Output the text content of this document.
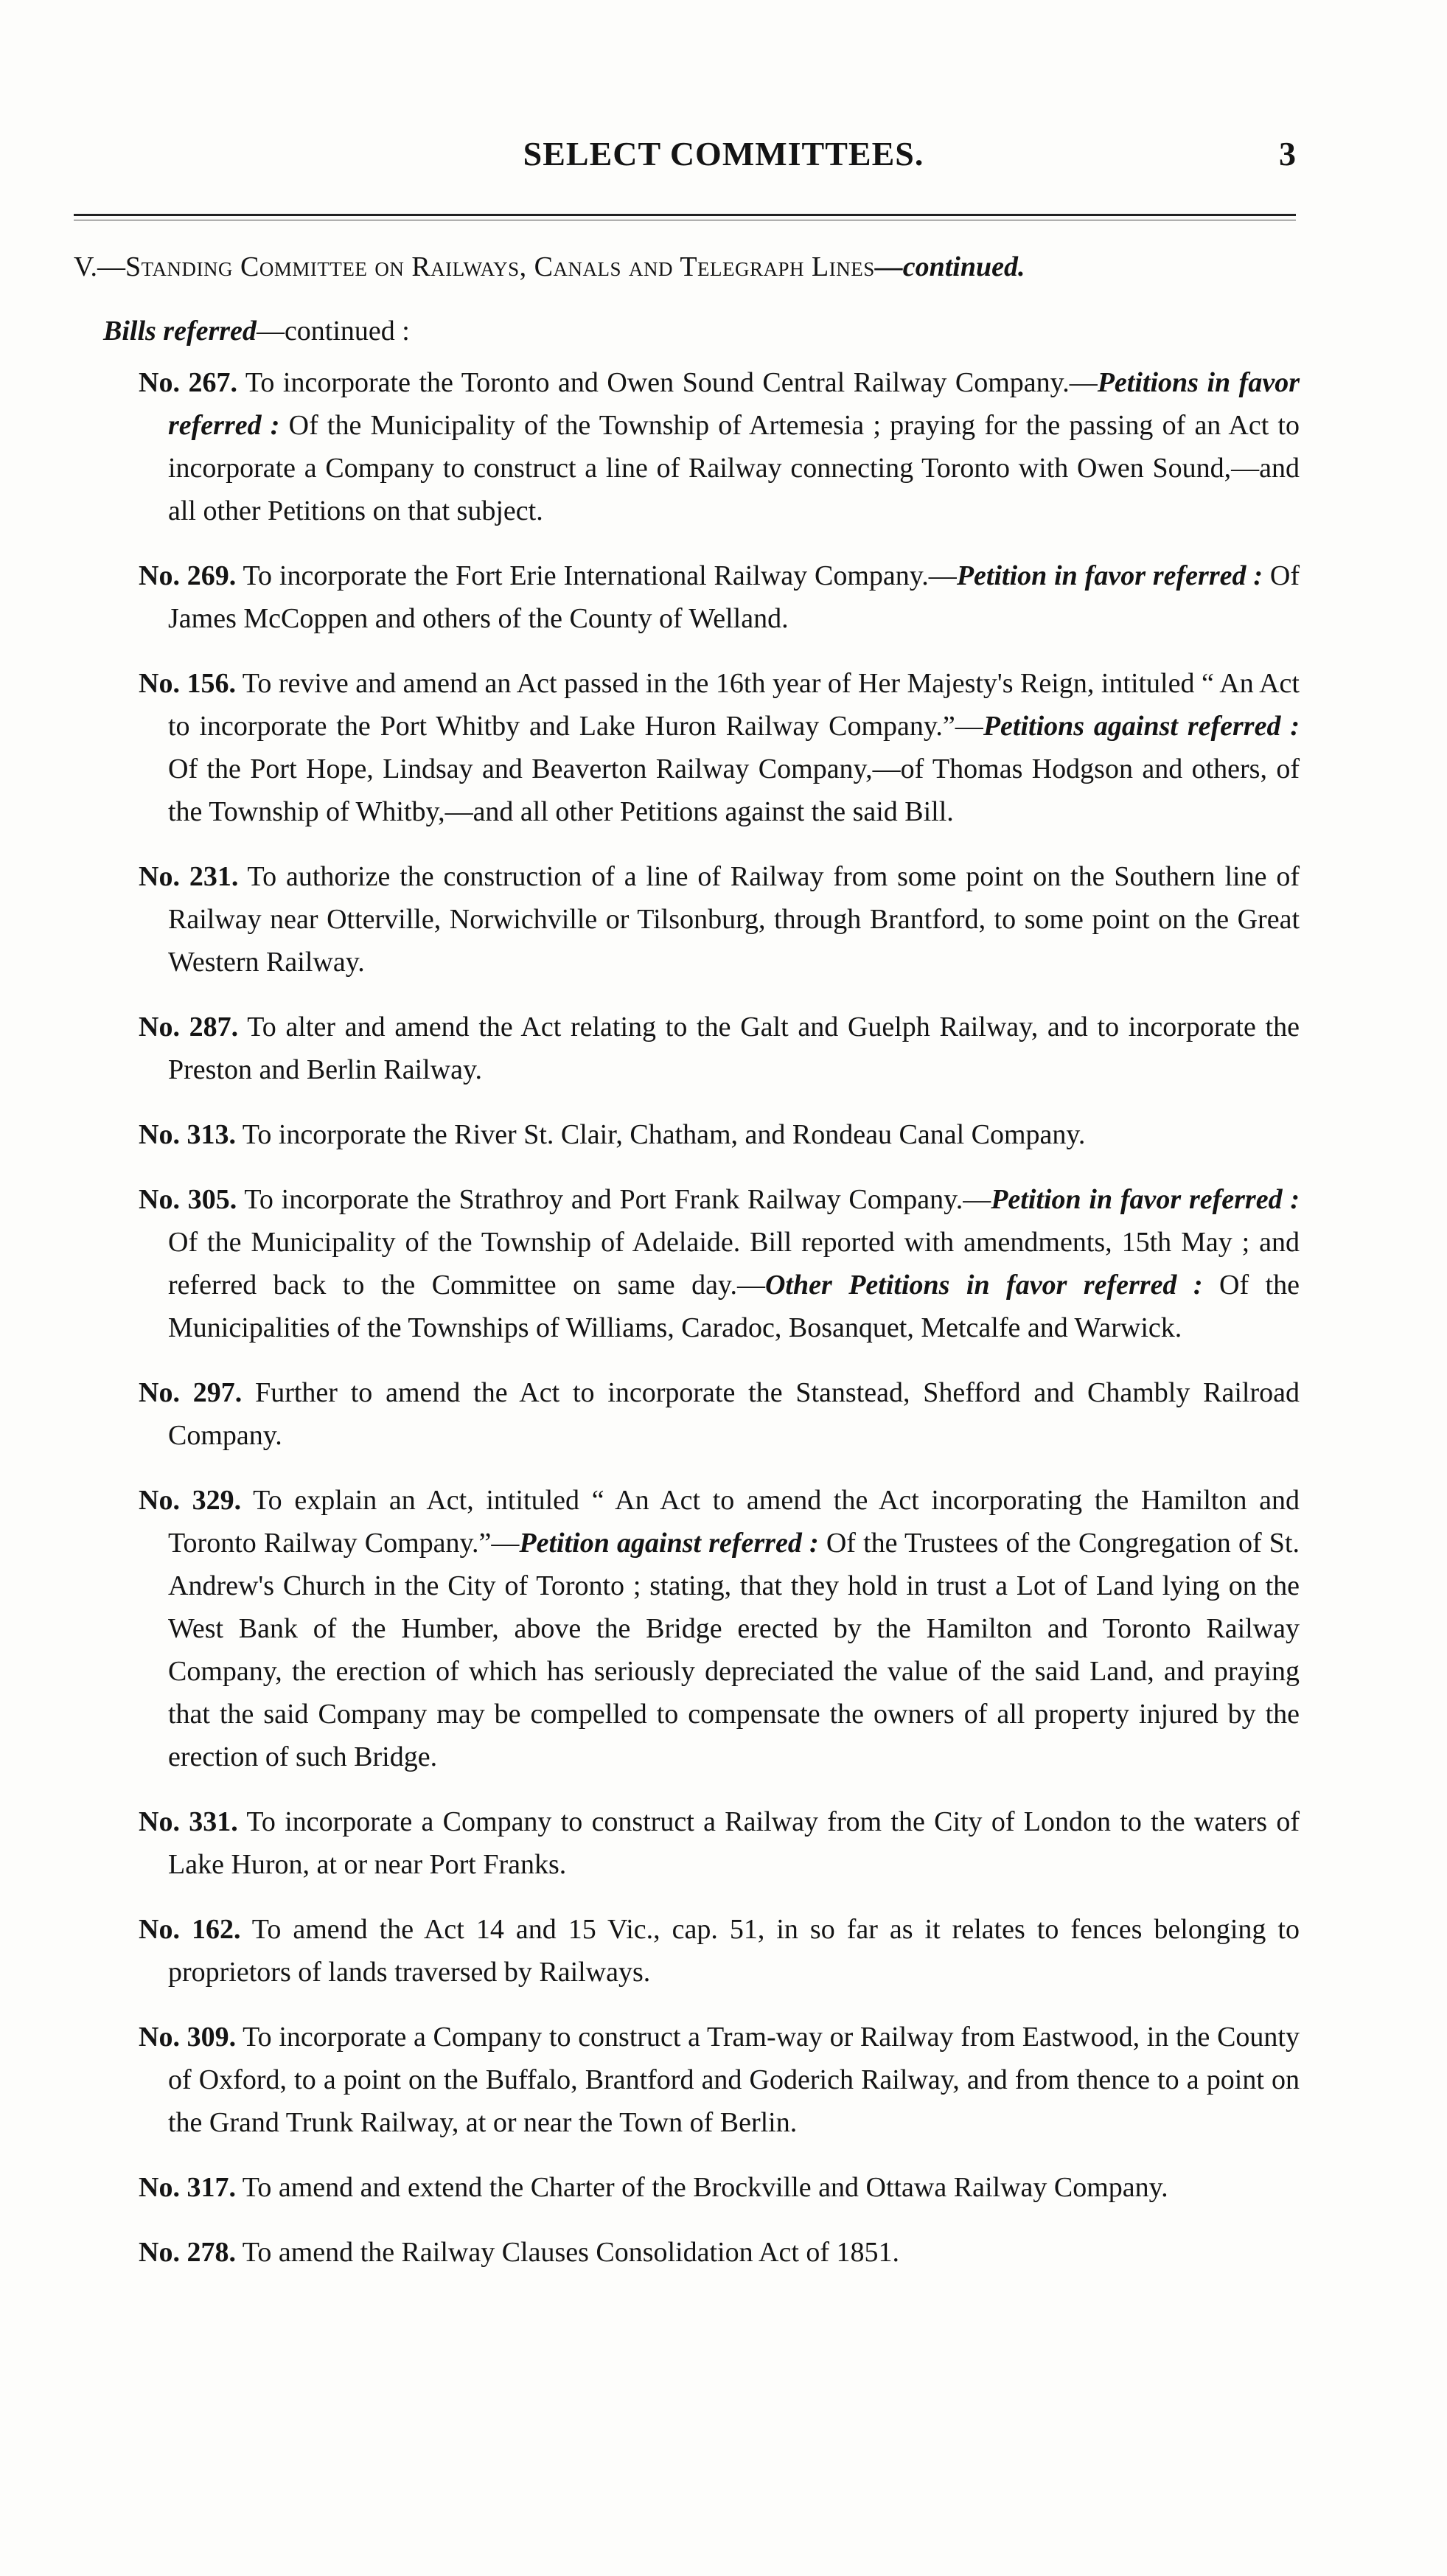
SELECT COMMITTEES.	3
V.—Standing Committee on Railways, Canals and Telegraph Lines—continued.
Bills referred—continued :
No. 267. To incorporate the Toronto and Owen Sound Central Railway Company.—Petitions in favor referred : Of the Municipality of the Township of Artemesia ; praying for the passing of an Act to incorporate a Company to construct a line of Railway connecting Toronto with Owen Sound,—and all other Petitions on that subject.
No. 269. To incorporate the Fort Erie International Railway Company.—Petition in favor referred : Of James McCoppen and others of the County of Welland.
No. 156. To revive and amend an Act passed in the 16th year of Her Majesty's Reign, intituled “ An Act to incorporate the Port Whitby and Lake Huron Railway Company.”—Petitions against referred : Of the Port Hope, Lindsay and Beaverton Railway Company,—of Thomas Hodgson and others, of the Township of Whitby,—and all other Petitions against the said Bill.
No. 231. To authorize the construction of a line of Railway from some point on the Southern line of Railway near Otterville, Norwichville or Tilsonburg, through Brantford, to some point on the Great Western Railway.
No. 287. To alter and amend the Act relating to the Galt and Guelph Railway, and to incorporate the Preston and Berlin Railway.
No. 313. To incorporate the River St. Clair, Chatham, and Rondeau Canal Company.
No. 305. To incorporate the Strathroy and Port Frank Railway Company.—Petition in favor referred : Of the Municipality of the Township of Adelaide. Bill reported with amendments, 15th May ; and referred back to the Committee on same day.—Other Petitions in favor referred : Of the Municipalities of the Townships of Williams, Caradoc, Bosanquet, Metcalfe and Warwick.
No. 297. Further to amend the Act to incorporate the Stanstead, Shefford and Chambly Railroad Company.
No. 329. To explain an Act, intituled “ An Act to amend the Act incorporating the Hamilton and Toronto Railway Company.”—Petition against referred : Of the Trustees of the Congregation of St. Andrew's Church in the City of Toronto ; stating, that they hold in trust a Lot of Land lying on the West Bank of the Humber, above the Bridge erected by the Hamilton and Toronto Railway Company, the erection of which has seriously depreciated the value of the said Land, and praying that the said Company may be compelled to compensate the owners of all property injured by the erection of such Bridge.
No. 331. To incorporate a Company to construct a Railway from the City of London to the waters of Lake Huron, at or near Port Franks.
No. 162. To amend the Act 14 and 15 Vic., cap. 51, in so far as it relates to fences belonging to proprietors of lands traversed by Railways.
No. 309. To incorporate a Company to construct a Tram-way or Railway from Eastwood, in the County of Oxford, to a point on the Buffalo, Brantford and Goderich Railway, and from thence to a point on the Grand Trunk Railway, at or near the Town of Berlin.
No. 317. To amend and extend the Charter of the Brockville and Ottawa Railway Company.
No. 278. To amend the Railway Clauses Consolidation Act of 1851.
